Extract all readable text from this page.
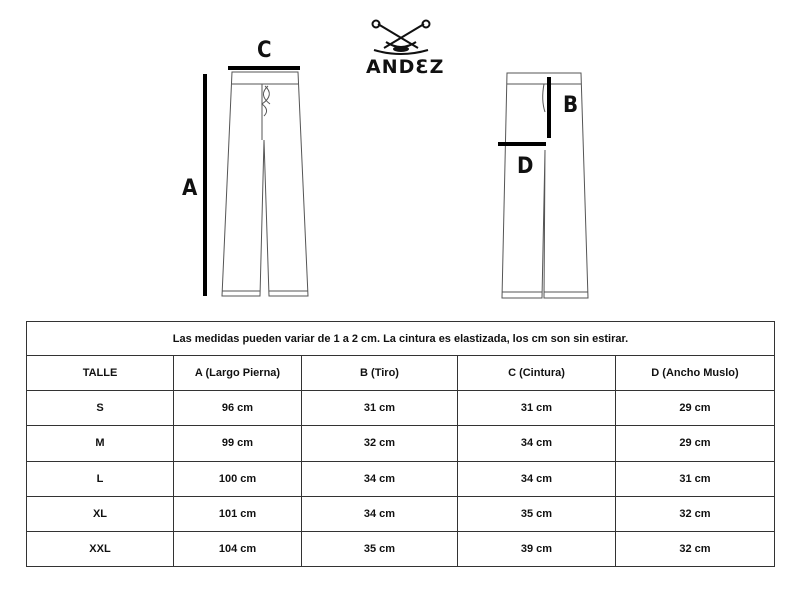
A
C
B
D
ANDƐZ
Las medidas pueden variar de 1 a 2 cm. La cintura es elastizada, los cm son sin estirar.				
TALLE	A (Largo Pierna)	B (Tiro)	C (Cintura)	D (Ancho Muslo)
S	96 cm	31 cm	31 cm	29 cm
M	99 cm	32 cm	34 cm	29 cm
L	100 cm	34 cm	34 cm	31 cm
XL	101 cm	34 cm	35 cm	32 cm
XXL	104 cm	35 cm	39 cm	32 cm
